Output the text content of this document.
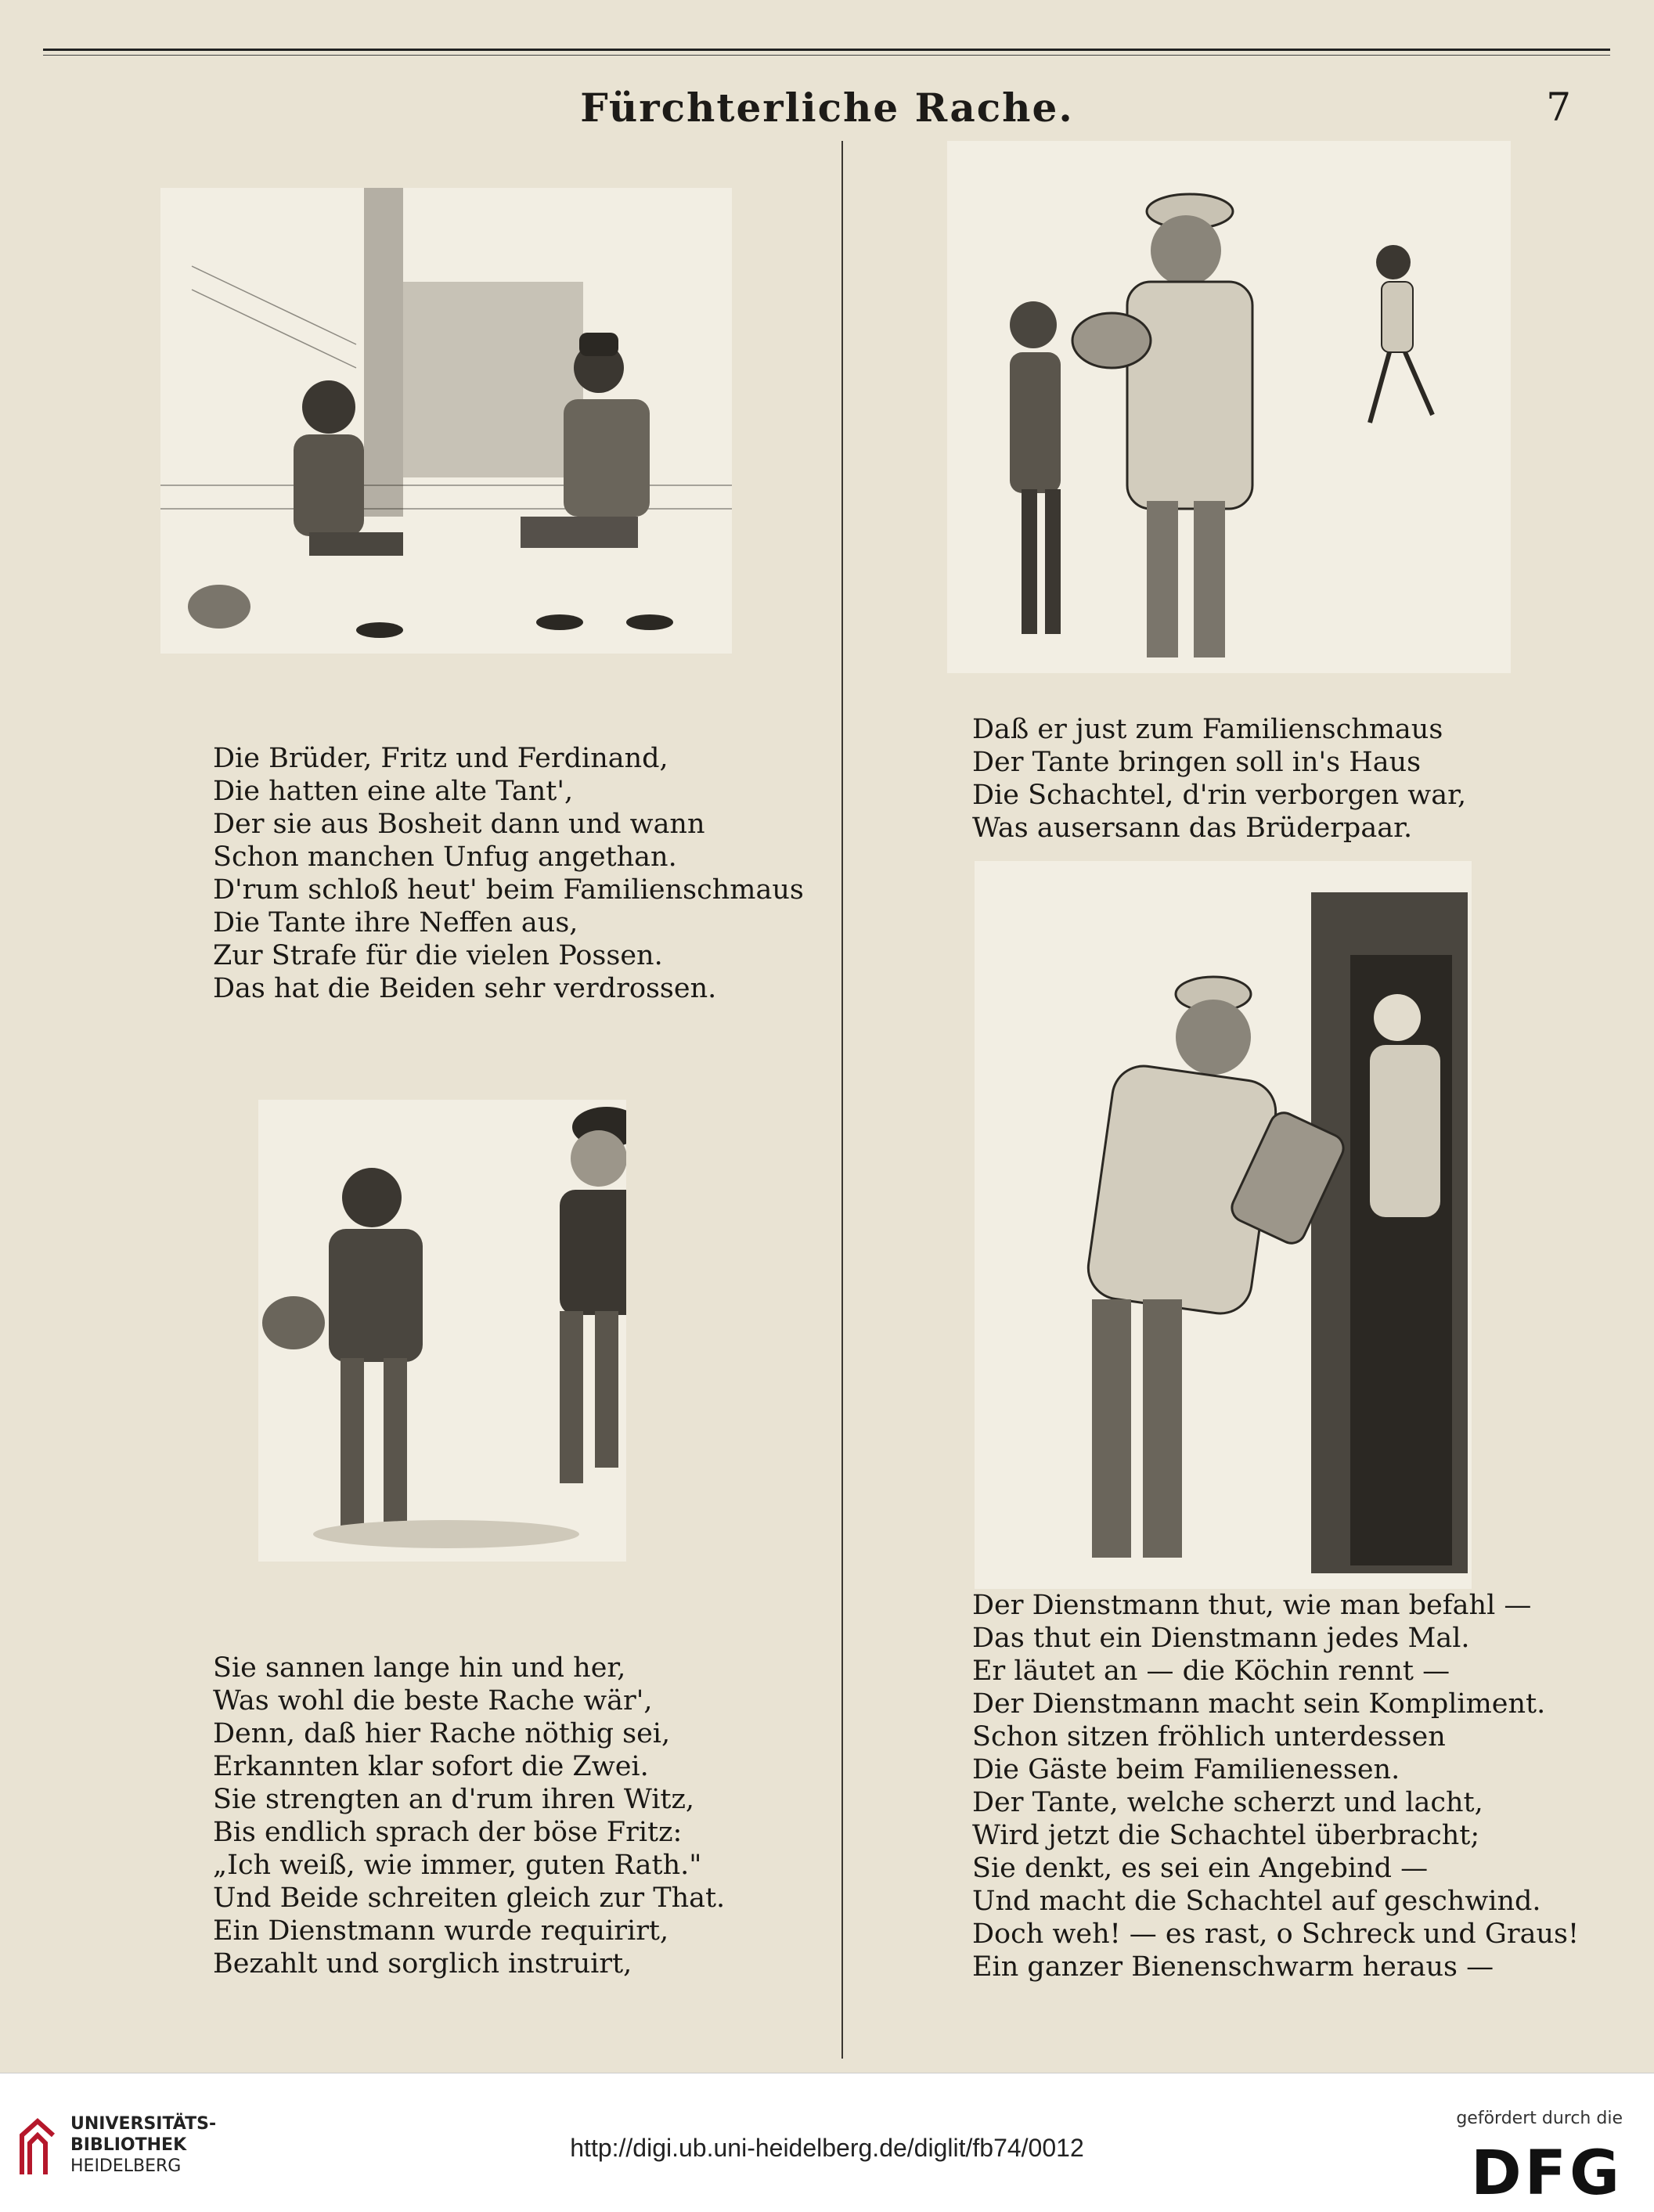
Fürchterliche Rache.	7
Die Brüder, Fritz und Ferdinand,
Die hatten eine alte Tant',
Der sie aus Bosheit dann und wann
Schon manchen Unfug angethan.
D'rum schloß heut' beim Familienschmaus
Die Tante ihre Neffen aus,
Zur Strafe für die vielen Possen.
Das hat die Beiden sehr verdrossen.
Daß er just zum Familienschmaus
Der Tante bringen soll in's Haus
Die Schachtel, d'rin verborgen war,
Was ausersann das Brüderpaar.
Sie sannen lange hin und her,
Was wohl die beste Rache wär',
Denn, daß hier Rache nöthig sei,
Erkannten klar sofort die Zwei.
Sie strengten an d'rum ihren Witz,
Bis endlich sprach der böse Fritz:
„Ich weiß, wie immer, guten Rath."
Und Beide schreiten gleich zur That.
Ein Dienstmann wurde requirirt,
Bezahlt und sorglich instruirt,
Der Dienstmann thut, wie man befahl —
Das thut ein Dienstmann jedes Mal.
Er läutet an — die Köchin rennt —
Der Dienstmann macht sein Kompliment.
Schon sitzen fröhlich unterdessen
Die Gäste beim Familienessen.
Der Tante, welche scherzt und lacht,
Wird jetzt die Schachtel überbracht;
Sie denkt, es sei ein Angebind —
Und macht die Schachtel auf geschwind.
Doch weh! — es rast, o Schreck und Graus!
Ein ganzer Bienenschwarm heraus —
UNIVERSITÄTS-
BIBLIOTHEK
HEIDELBERG
http://digi.ub.uni-heidelberg.de/diglit/fb74/0012
gefördert durch die
DFG
